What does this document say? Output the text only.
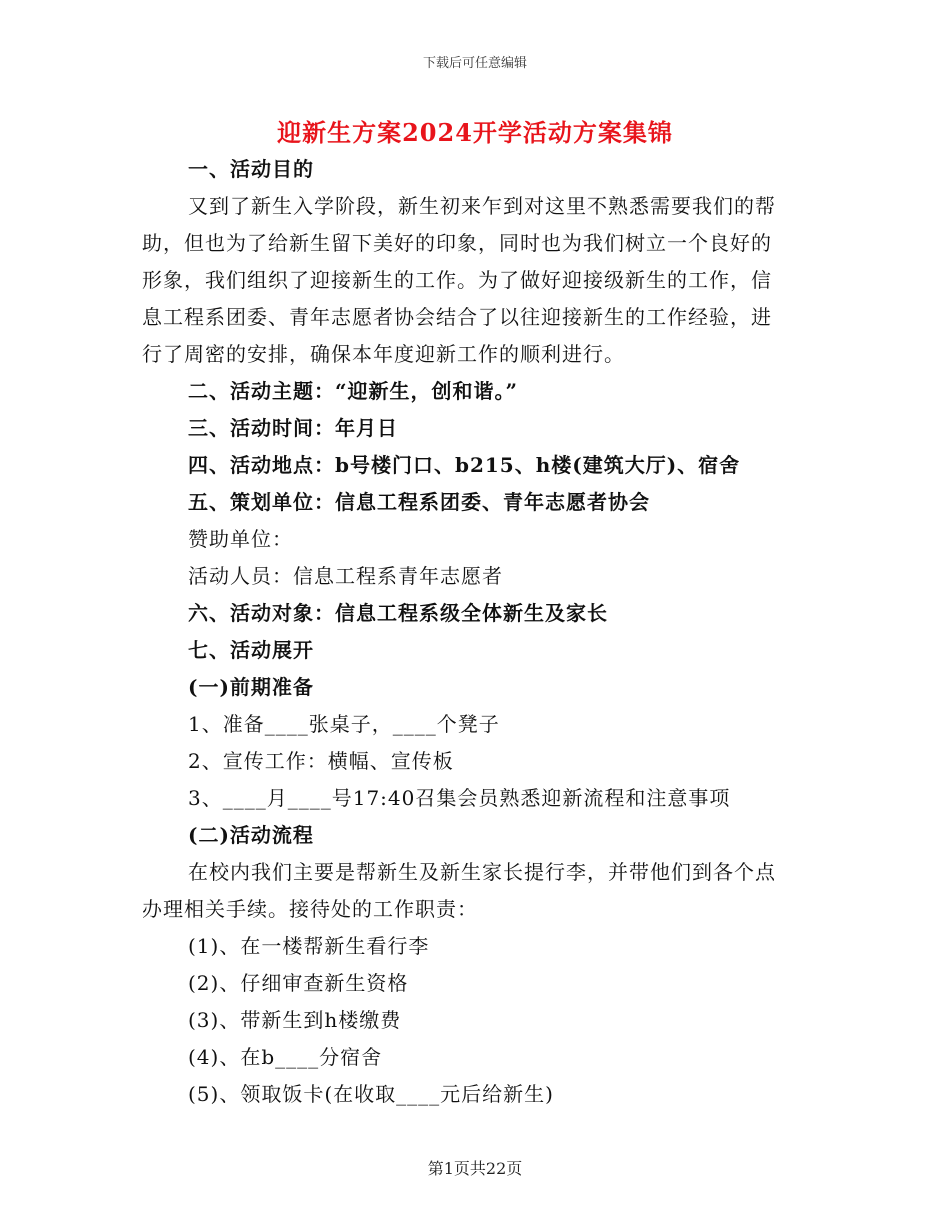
下载后可任意编辑
迎新生方案2024开学活动方案集锦
一、活动目的
又到了新生入学阶段，新生初来乍到对这里不熟悉需要我们的帮
助，但也为了给新生留下美好的印象，同时也为我们树立一个良好的
形象，我们组织了迎接新生的工作。为了做好迎接级新生的工作，信
息工程系团委、青年志愿者协会结合了以往迎接新生的工作经验，进
行了周密的安排，确保本年度迎新工作的顺利进行。
二、活动主题：“迎新生，创和谐。”
三、活动时间：年月日
四、活动地点：b号楼门口、b215、h楼(建筑大厅)、宿舍
五、策划单位：信息工程系团委、青年志愿者协会
赞助单位：
活动人员：信息工程系青年志愿者
六、活动对象：信息工程系级全体新生及家长
七、活动展开
(一)前期准备
1、准备____张桌子，____个凳子
2、宣传工作：横幅、宣传板
3、____月____号17:40召集会员熟悉迎新流程和注意事项
(二)活动流程
在校内我们主要是帮新生及新生家长提行李，并带他们到各个点
办理相关手续。接待处的工作职责：
(1)、在一楼帮新生看行李
(2)、仔细审查新生资格
(3)、带新生到h楼缴费
(4)、在b____分宿舍
(5)、领取饭卡(在收取____元后给新生)
第1页共22页
